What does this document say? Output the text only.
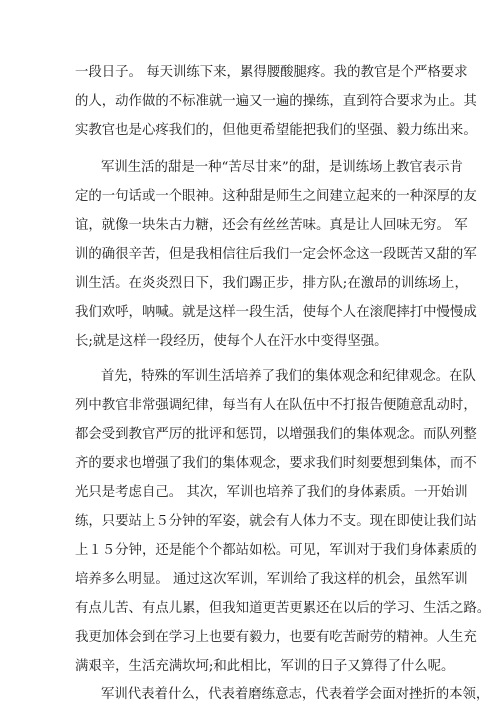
一段日子。 每天训练下来，累得腰酸腿疼。我的教官是个严格要求

的人，动作做的不标准就一遍又一遍的操练，直到符合要求为止。其

实教官也是心疼我们的，但他更希望能把我们的坚强、毅力练出来。

军训生活的甜是一种“苦尽甘来”的甜，是训练场上教官表示肯

定的一句话或一个眼神。这种甜是师生之间建立起来的一种深厚的友

谊，就像一块朱古力糖，还会有丝丝苦味。真是让人回味无穷。 军

训的确很辛苦，但是我相信往后我们一定会怀念这一段既苦又甜的军

训生活。在炎炎烈日下，我们踢正步，排方队;在激昂的训练场上，

我们欢呼，呐喊。就是这样一段生活，使每个人在滚爬摔打中慢慢成

长;就是这样一段经历，使每个人在汗水中变得坚强。

首先，特殊的军训生活培养了我们的集体观念和纪律观念。在队

列中教官非常强调纪律，每当有人在队伍中不打报告便随意乱动时，

都会受到教官严厉的批评和惩罚，以增强我们的集体观念。而队列整

齐的要求也增强了我们的集体观念，要求我们时刻要想到集体，而不

光只是考虑自己。 其次，军训也培养了我们的身体素质。一开始训

练，只要站上５分钟的军姿，就会有人体力不支。现在即使让我们站

上１５分钟，还是能个个都站如松。可见，军训对于我们身体素质的

培养多么明显。 通过这次军训，军训给了我这样的机会，虽然军训

有点儿苦、有点儿累，但我知道更苦更累还在以后的学习、生活之路。

我更加体会到在学习上也要有毅力，也要有吃苦耐劳的精神。人生充

满艰辛，生活充满坎坷;和此相比，军训的日子又算得了什么呢。

军训代表着什么，代表着磨练意志，代表着学会面对挫折的本领，
